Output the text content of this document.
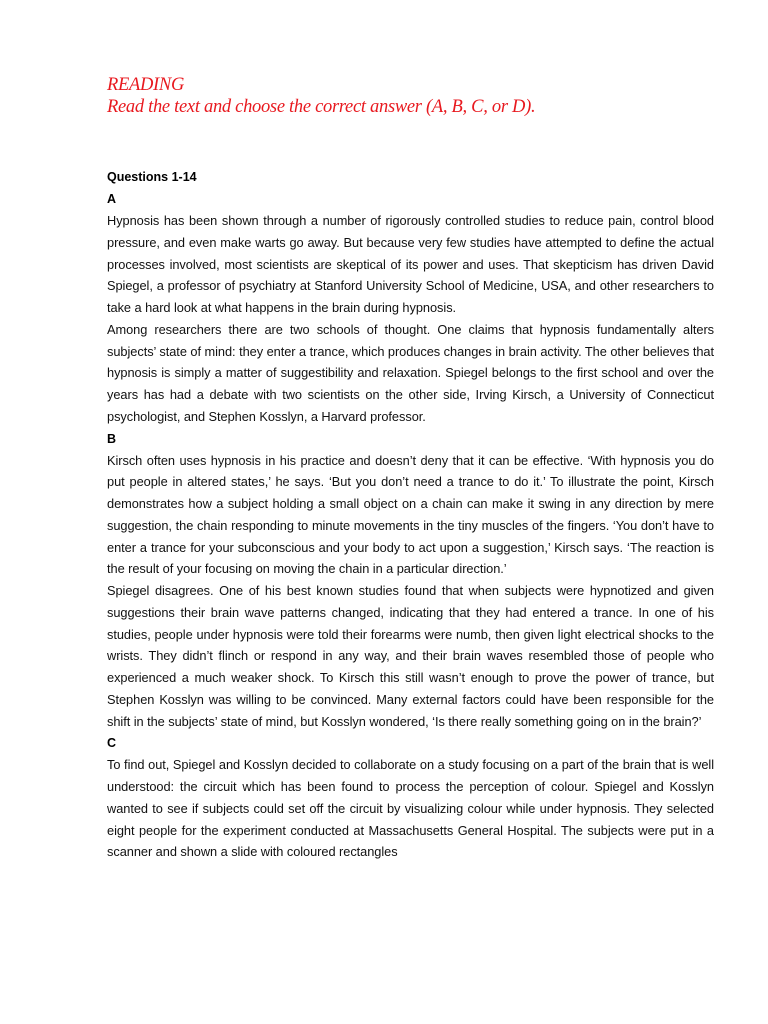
READING

Read the text and choose the correct answer (A, B, C, or D).

Questions 1-14

A

Hypnosis has been shown through a number of rigorously controlled studies to reduce pain, control blood pressure, and even make warts go away. But because very few studies have attempted to define the actual processes involved, most scientists are skeptical of its power and uses. That skepticism has driven David Spiegel, a professor of psychiatry at Stanford University School of Medicine, USA, and other researchers to take a hard look at what happens in the brain during hypnosis.

Among researchers there are two schools of thought. One claims that hypnosis fundamentally alters subjects’ state of mind: they enter a trance, which produces changes in brain activity. The other believes that hypnosis is simply a matter of suggestibility and relaxation. Spiegel belongs to the first school and over the years has had a debate with two scientists on the other side, Irving Kirsch, a University of Connecticut psychologist, and Stephen Kosslyn, a Harvard professor.

B

Kirsch often uses hypnosis in his practice and doesn’t deny that it can be effective. ‘With hypnosis you do put people in altered states,’ he says. ‘But you don’t need a trance to do it.’ To illustrate the point, Kirsch demonstrates how a subject holding a small object on a chain can make it swing in any direction by mere suggestion, the chain responding to minute movements in the tiny muscles of the fingers. ‘You don’t have to enter a trance for your subconscious and your body to act upon a suggestion,’ Kirsch says. ‘The reaction is the result of your focusing on moving the chain in a particular direction.’

Spiegel disagrees. One of his best known studies found that when subjects were hypnotized and given suggestions their brain wave patterns changed, indicating that they had entered a trance. In one of his studies, people under hypnosis were told their forearms were numb, then given light electrical shocks to the wrists. They didn’t flinch or respond in any way, and their brain waves resembled those of people who experienced a much weaker shock. To Kirsch this still wasn’t enough to prove the power of trance, but Stephen Kosslyn was willing to be convinced. Many external factors could have been responsible for the shift in the subjects’ state of mind, but Kosslyn wondered, ‘Is there really something going on in the brain?’

C

To find out, Spiegel and Kosslyn decided to collaborate on a study focusing on a part of the brain that is well understood: the circuit which has been found to process the perception of colour. Spiegel and Kosslyn wanted to see if subjects could set off the circuit by visualizing colour while under hypnosis. They selected eight people for the experiment conducted at Massachusetts General Hospital. The subjects were put in a scanner and shown a slide with coloured rectangles
